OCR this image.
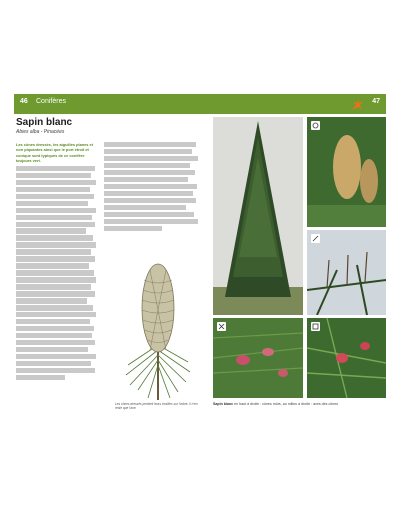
46 Conifères	47
Sapin blanc
Abies alba - Pinacées
Les cônes dressés, les aiguilles planes et non piquantes ainsi que le port étroit et conique sont typiques de ce conifère toujours vert.
Les cônes dressés perdent leurs écailles sur l'arbre, il n'en reste que l'axe.
Sapin blanc en haut à droite : cônes mûrs, au milieu à droite : axes des cônes
